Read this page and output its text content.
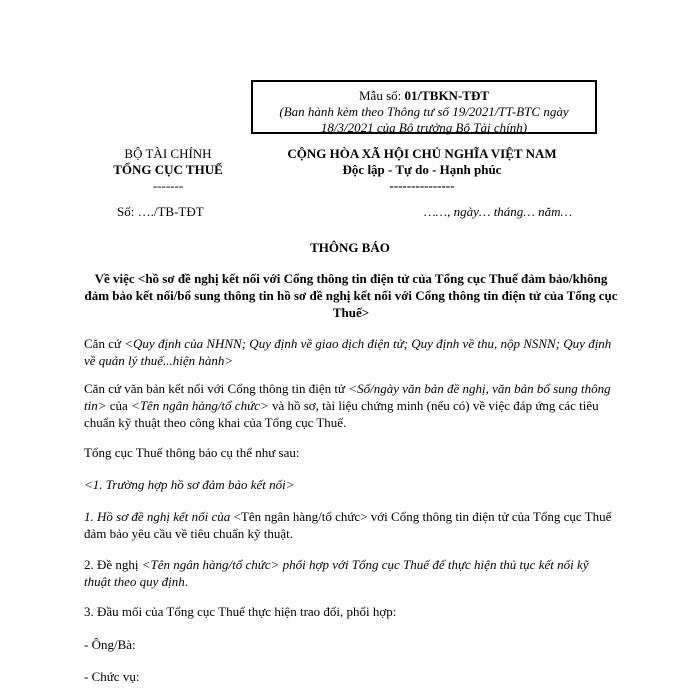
Mẫu số: 01/TBKN-TĐT
(Ban hành kèm theo Thông tư số 19/2021/TT-BTC ngày
18/3/2021 của Bộ trưởng Bộ Tài chính)
BỘ TÀI CHÍNH
TỔNG CỤC THUẾ
-------
CỘNG HÒA XÃ HỘI CHỦ NGHĨA VIỆT NAM
Độc lập - Tự do - Hạnh phúc
---------------
Số: …./TB-TĐT	……, ngày… tháng… năm…
THÔNG BÁO
Về việc <hồ sơ đề nghị kết nối với Cổng thông tin điện tử của Tổng cục Thuế đảm bảo/không đảm bảo kết nối/bổ sung thông tin hồ sơ đề nghị kết nối với Cổng thông tin điện tử của Tổng cục Thuế>
Căn cứ <Quy định của NHNN; Quy định về giao dịch điện tử; Quy định về thu, nộp NSNN; Quy định về quản lý thuế...hiện hành>
Căn cứ văn bản kết nối với Cổng thông tin điện tử <Số/ngày văn bản đề nghị, văn bản bổ sung thông tin> của <Tên ngân hàng/tổ chức> và hồ sơ, tài liệu chứng minh (nếu có) về việc đáp ứng các tiêu chuẩn kỹ thuật theo công khai của Tổng cục Thuế.
Tổng cục Thuế thông báo cụ thể như sau:
<1. Trường hợp hồ sơ đảm bảo kết nối>
1. Hồ sơ đề nghị kết nối của <Tên ngân hàng/tổ chức> với Cổng thông tin điện tử của Tổng cục Thuế đảm bảo yêu cầu về tiêu chuẩn kỹ thuật.
2. Đề nghị <Tên ngân hàng/tổ chức> phối hợp với Tổng cục Thuế để thực hiện thủ tục kết nối kỹ thuật theo quy định.
3. Đầu mối của Tổng cục Thuế thực hiện trao đổi, phối hợp:
- Ông/Bà:
- Chức vụ:
